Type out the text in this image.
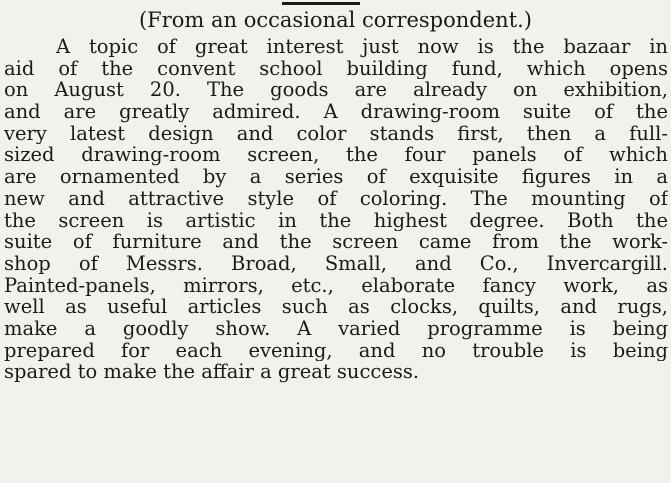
(From an occasional correspondent.)
A topic of great interest just now is the bazaar in
aid of the convent school building fund, which opens
on August 20. The goods are already on exhibition,
and are greatly admired. A drawing-room suite of the
very latest design and color stands first, then a full-
sized drawing-room screen, the four panels of which
are ornamented by a series of exquisite figures in a
new and attractive style of coloring. The mounting of
the screen is artistic in the highest degree. Both the
suite of furniture and the screen came from the work-
shop of Messrs. Broad, Small, and Co., Invercargill.
Painted-panels, mirrors, etc., elaborate fancy work, as
well as useful articles such as clocks, quilts, and rugs,
make a goodly show. A varied programme is being
prepared for each evening, and no trouble is being
spared to make the affair a great success.
